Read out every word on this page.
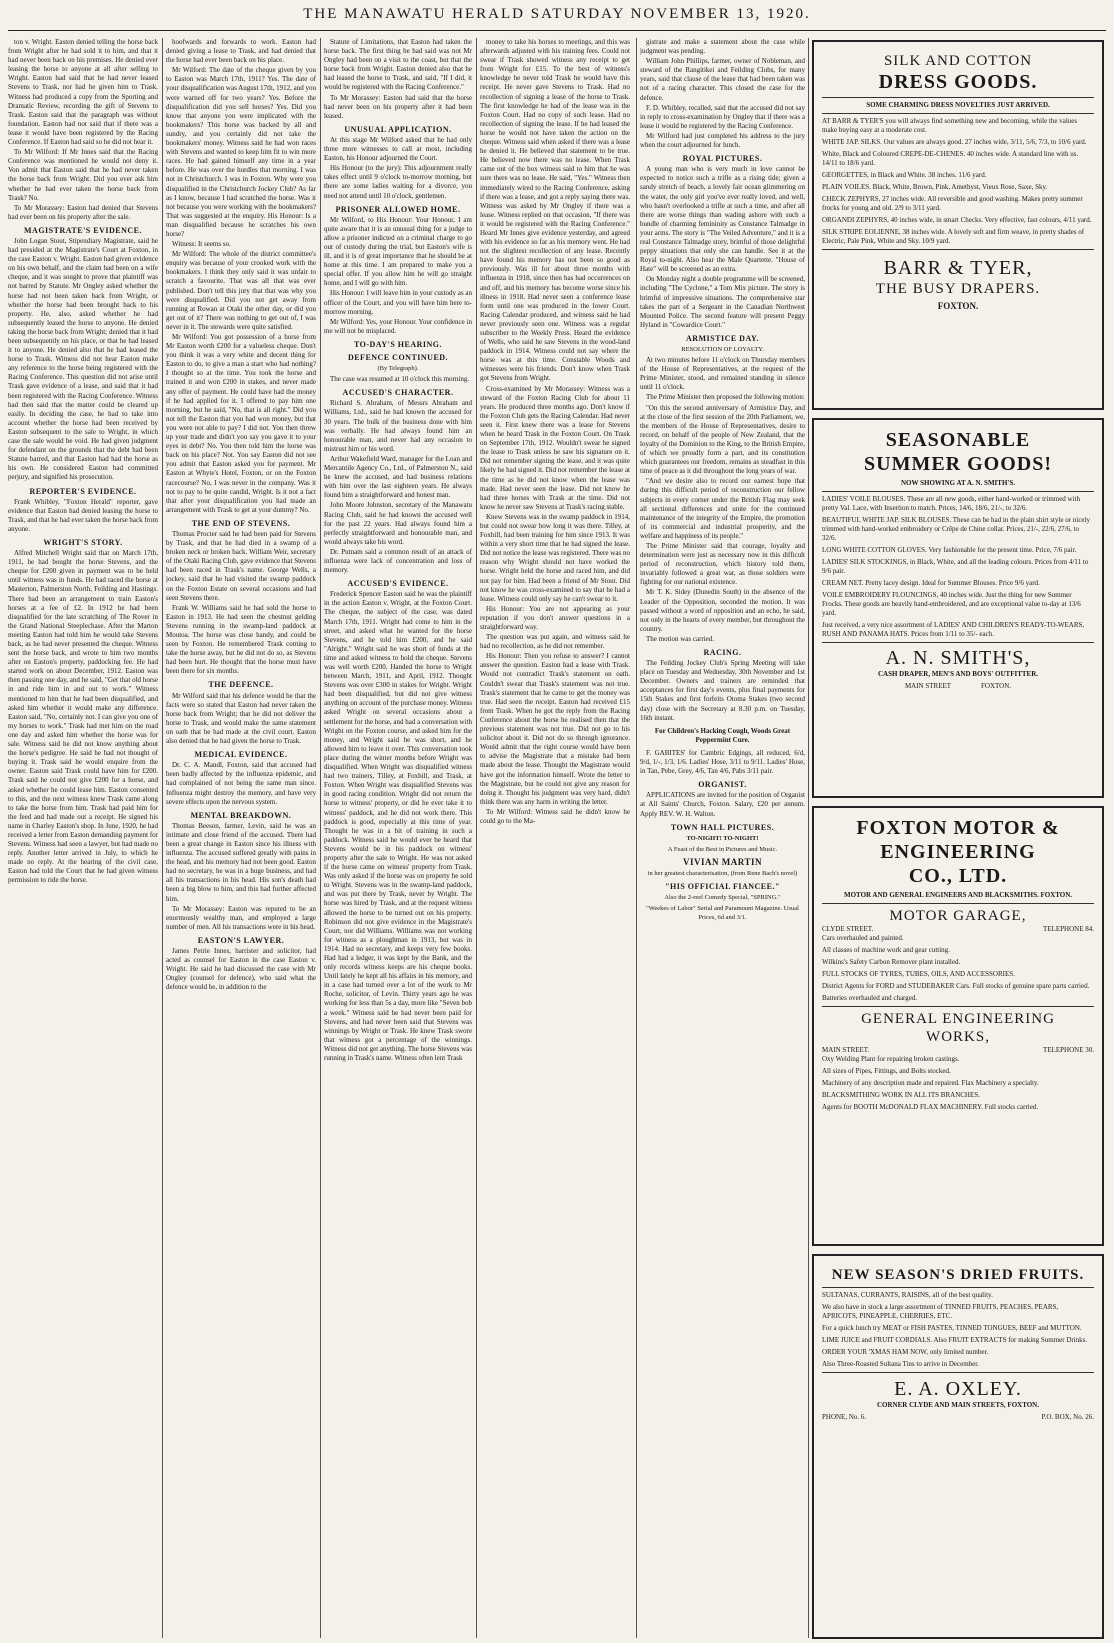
THE MANAWATU HERALD SATURDAY NOVEMBER 13, 1920.

ton v. Wright. Easton denied telling the horse back from Wright after he had sold it to him, and that it had never been back on his premises. He denied ever leasing the horse to anyone at all after selling to Wright. Easton had said that he had never leased Stevens to Trask, nor had he given him to Trask. Witness had produced a copy from the Sporting and Dramatic Review, recording the gift of Stevens to Trask. Easton said that the paragraph was without foundation. Easton had not said that if there was a lease it would have been registered by the Racing Conference. If Easton had said so he did not hear it.

To Mr Wilford: If Mr Innes said that the Racing Conference was mentioned he would not deny it. Von admit that Easton said that he had never taken the horse back from Wright. Did you ever ask him whether he had ever taken the horse back from Trask? No.

To Mr Morassey: Easton had denied that Stevens had ever been on his property after the sale.

MAGISTRATE'S EVIDENCE.

John Logan Stout, Stipendiary Magistrate, said he had presided at the Magistrate's Court at Foxton, in the case Easton v. Wright. Easton had given evidence on his own behalf, and the claim had been on a wife cheque, and it was sought to prove that plaintiff was not barred by Statute. Mr Ongley asked whether the horse had not been taken back from Wright, or whether the horse had been brought back to his property. He, also, asked whether he had subsequently leased the horse to anyone. He denied taking the horse back from Wright; denied that it had been subsequently on his place, or that he had leased it to anyone. He denied also that he had leased the horse to Trask. Witness did not hear Easton make any reference to the horse being registered with the Racing Conference. This question did not arise until Trask gave evidence of a lease, and said that it had been registered with the Racing Conference. Witness had then said that the matter could be cleared up easily. In deciding the case, he had to take into account whether the horse had been received by Easton subsequent to the sale to Wright, in which case the sale would be void. He had given judgment for defendant on the grounds that the debt had been Statute barred, and that Easton had had the horse as his own. He considered Easton had committed perjury, and signified his prosecution.

REPORTER'S EVIDENCE.

Frank Whibley, "Foxton Herald" reporter, gave evidence that Easton had denied leasing the horse to Trask, and that he had ever taken the horse back from anyone.

WRIGHT'S STORY.

Alfred Mitchell Wright said that on March 17th, 1911, he had bought the horse Stevens, and the cheque for £200 given in payment was to be held until witness was in funds. He had raced the horse at Masterton, Palmerston North, Feilding and Hastings. There had been an arrangement to train Easton's horses at a fee of £2. In 1912 he had been disqualified for the late scratching of The Rover in the Grand National Steeplechase. After the Marton meeting Easton had told him he would take Stevens back, as he had never presented the cheque. Witness sent the horse back, and wrote to him two months after on Easton's property, paddocking fee. He had started work on about December, 1912. Easton was then passing one day, and he said, "Get that old horse in and ride him in and out to work." Witness mentioned to him that he had been disqualified, and asked him whether it would make any difference. Easton said, "No, certainly not. I can give you one of my horses to work." Trask had met him on the road one day and asked him whether the horse was for sale. Witness said he did not know anything about the horse's pedigree. He said he had not thought of buying it. Trask said he would enquire from the owner. Easton said Trask could have him for £200. Trask said he could not give £200 for a horse, and asked whether he could lease him. Easton consented to this, and the next witness knew Trask came along to take the horse from him. Trask had paid him for the feed and had made out a receipt. He signed his name in Charley Easton's shop. In June, 1920, he had received a letter from Easton demanding payment for Stevens. Witness had seen a lawyer, but had made no reply. Another letter arrived in July, to which he made no reply. At the hearing of the civil case, Easton had told the Court that he had given witness permission to ride the horse.

hoofwards and forwards to work. Easton had denied giving a lease to Trask, and had denied that the horse had ever been back on his place.

Mr Wilford: The date of the cheque given by you to Easton was March 17th, 1911? Yes. The date of your disqualification was August 17th, 1912, and you were warned off for two years? Yes. Before the disqualification did you sell horses? Yes. Did you know that anyone you were implicated with the bookmakers? This horse was backed by all and sundry, and you certainly did not take the bookmakers' money. Witness said he had won races with Stevens and wanted to keep him fit to win more races. He had gained himself any time in a year before. He was over the hurdles that morning. I was not in Christchurch. I was in Foxton. Why were you disqualified in the Christchurch Jockey Club? As far as I know, because I had scratched the horse. Was it not because you were working with the bookmakers? That was suggested at the enquiry. His Honour: Is a man disqualified because he scratches his own horse?

Witness: It seems so.

Mr Wilford: The whole of the district committee's enquiry was because of your crooked work with the bookmakers. I think they only said it was unfair to scratch a favourite. That was all that was ever published. Don't tell this jury that that was why you were disqualified. Did you not get away from running at Rowan at Otaki the other day, or did you get out of it? There was nothing to get out of, I was never in it. The stewards were quite satisfied.

Mr Wilford: You got possession of a horse from Mr Easton worth £200 for a valueless cheque. Don't you think it was a very white and decent thing for Easton to do, to give a man a start who had nothing? I thought so at the time. You took the horse and trained it and won £200 in stakes, and never made any offer of payment. He could have had the money if he had applied for it. I offered to pay him one morning, but he said, "No, that is all right." Did you not tell the Easton that you had won money, but that you were not able to pay? I did not. You then threw up your trade and didn't you say you gave it to your eyes in debt? No. You then told him the horse was back on his place? Not. You say Easton did not see you admit that Easton asked you for payment. Mr Easton at Whyte's Hotel, Foxton, or on the Foxton racecourse? No, I was never in the company. Was it not to pay to be quite candid, Wright. Is it not a fact that after your disqualification you had made an arrangement with Trask to get at your dummy? No.

THE END OF STEVENS.

Thomas Procter said he had been paid for Stevens by Trask, and that he had died in a swamp of a broken neck or broken back. William Weir, secretary of the Otaki Racing Club, gave evidence that Stevens had been raced in Trask's name. George Wells, a jockey, said that he had visited the swamp paddock on the Foxton Estate on several occasions and had seen Stevens there.

Frank W. Williams said he had sold the horse to Easton in 1913. He had seen the chestnut gelding Stevens running in the swamp-land paddock at Moutoa. The horse was close handy, and could be seen by Foxton. He remembered Trask coming to take the horse away, but he did not do so, as Stevens had been hurt. He thought that the horse must have been there for six months.

THE DEFENCE.

Mr Wilford said that his defence would be that the facts were so stated that Easton had never taken the horse back from Wright; that he did not deliver the horse to Trask, and would make the same statement on oath that he had made at the civil court. Easton also denied that he had given the horse to Trask.

MEDICAL EVIDENCE.

Dr. C. A. Mandl, Foxton, said that accused had been badly affected by the influenza epidemic, and had complained of not being the same man since. Influenza might destroy the memory, and have very severe effects upon the nervous system.

MENTAL BREAKDOWN.

Thomas Beeson, farmer, Levin, said he was an intimate and close friend of the accused. There had been a great change in Easton since his illness with influenza. The accused suffered greatly with pains in the head, and his memory had not been good. Easton had no secretary, he was in a huge business, and had all his transactions in his head. His son's death had been a big blow to him, and this had further affected him.

To Mr Morassey: Easton was reputed to be an enormously wealthy man, and employed a large number of men. All his transactions were in his head.

EASTON'S LAWYER.

James Petrie Innes, barrister and solicitor, had acted as counsel for Easton in the case Easton v. Wright. He said he had discussed the case with Mr Ongley (counsel for defence), who said what the defence would be, in addition to the

Statute of Limitations, that Easton had taken the horse back. The first thing he had said was not Mr Ongley had been on a visit to the coast, but that the horse back from Wright. Easton denied also that he had leased the horse to Trask, and said, "If I did, it would be registered with the Racing Conference."

To Mr Morassey: Easton had said that the horse had never been on his property after it had been leased.

UNUSUAL APPLICATION.

At this stage Mr Wilford asked that he had only three more witnesses to call at most, including Easton, his Honour adjourned the Court.

His Honour (to the jury): This adjournment really takes effect until 9 o'clock to-morrow morning, but there are some ladies waiting for a divorce, you need not attend until 10 o'clock, gentlemen.

PRISONER ALLOWED HOME.

Mr Wilford, to His Honour: Your Honour, I am quite aware that it is an unusual thing for a judge to allow a prisoner indicted on a criminal charge to go out of custody during the trial, but Easton's wife is ill, and it is of great importance that he should be at home at this time. I am prepared to make you a special offer. If you allow him he will go straight home, and I will go with him.

His Honour: I will leave him in your custody as an officer of the Court, and you will have him here to-morrow morning.

Mr Wilford: Yes, your Honour. Your confidence in me will not be misplaced.

TO-DAY'S HEARING.

DEFENCE CONTINUED.

(By Telegraph).

The case was resumed at 10 o'clock this morning.

ACCUSED'S CHARACTER.

Richard S. Abraham, of Messrs Abraham and Williams, Ltd., said he had known the accused for 30 years. The bulk of the business done with him was verbally. He had always found him an honourable man, and never had any occasion to mistrust him or his word.

Arthur Wakefield Ward, manager for the Loan and Mercantile Agency Co., Ltd., of Palmerston N., said he knew the accused, and had business relations with him over the last eighteen years. He always found him a straightforward and honest man.

John Moore Johnston, secretary of the Manawatu Racing Club, said he had known the accused well for the past 22 years. Had always found him a perfectly straightforward and honourable man, and would always take his word.

Dr. Putnam said a common result of an attack of influenza were lack of concentration and loss of memory.

ACCUSED'S EVIDENCE.

Frederick Spencer Easton said he was the plaintiff in the action Easton v. Wright, at the Foxton Court. The cheque, the subject of the case, was dated March 17th, 1911. Wright had come to him in the street, and asked what he wanted for the horse Stevens, and he told him £200, and he said "Alright." Wright said he was short of funds at the time and asked witness to hold the cheque. Stevens was well worth £200. Handed the horse to Wright between March, 1911, and April, 1912. Thought Stevens was over £300 in stakes for Wright. Wright had been disqualified, but did not give witness anything on account of the purchase money. Witness asked Wright on several occasions about a settlement for the horse, and had a conversation with Wright on the Foxton course, and asked him for the money, and Wright said he was short, and he allowed him to leave it over. This conversation took place during the winter months before Wright was disqualified. When Wright was disqualified witness had two trainers, Tilley, at Foxhill, and Trask, at Foxton. When Wright was disqualified Stevens was in good racing condition. Wright did not return the horse to witness' property, or did he ever take it to witness' paddock, and he did not work there. This paddock is good, especially at this time of year. Thought he was in a bit of training in such a paddock. Witness said he would ever be heard that Stevens would be in his paddock on witness' property after the sale to Wright. He was not asked if the horse came on witness' property from Trask. Was only asked if the horse was on property he sold to Wright. Stevens was in the swamp-land paddock, and was put there by Trask, never by Wright. The horse was hired by Trask, and at the request witness allowed the horse to be turned out on his property. Robinson did not give evidence in the Magistrate's Court, nor did Williams. Williams was not working for witness as a ploughman in 1913, but was in 1914. Had no secretary, and keeps very few books. Had had a ledger, it was kept by the Bank, and the only records witness keeps are his cheque books. Until lately he kept all his affairs in his memory, and in a case had turned over a lot of the work to Mr Roche, solicitor, of Levin. Thirty years ago he was working for less than 5s a day, more like "Seven bob a week." Witness said he had never been paid for Stevens, and had never been said that Stevens was winnings by Wright or Trask. He knew Trask swore that witness got a percentage of the winnings. Witness did not get anything. The horse Stevens was running in Trask's name. Witness often lent Trask

money to take his horses to meetings, and this was afterwards adjusted with his training fees. Could not swear if Trask showed witness any receipt to get from Wright for £15. To the best of witness's knowledge he never told Trask he would have this receipt. He never gave Stevens to Trask. Had no recollection of signing a lease of the horse to Trask. The first knowledge he had of the lease was in the Foxton Court. Had no copy of such lease. Had no recollection of signing the lease. If he had leased the horse he would not have taken the action on the cheque. Witness said when asked if there was a lease he denied it. He believed that statement to be true. He believed now there was no lease. When Trask came out of the box witness said to him that he was sure there was no lease. He said, "Yes." Witness then immediately wired to the Racing Conference, asking if there was a lease, and got a reply saying there was. Witness was asked by Mr Ongley if there was a lease. Witness replied on that occasion, "If there was it would be registered with the Racing Conference." Heard Mr Innes give evidence yesterday, and agreed with his evidence so far as his memory went. He had not the slightest recollection of any lease. Recently have found his memory has not been so good as previously. Was ill for about three months with influenza in 1918, since then has had occurrences on and off, and his memory has become worse since his illness in 1918. Had never seen a conference lease form until one was produced in the lower Court. Racing Calendar produced, and witness said he had never previously seen one. Witness was a regular subscriber to the Weekly Press. Heard the evidence of Wells, who said he saw Stevens in the wood-land paddock in 1914. Witness could not say where the horse was at this time. Constable Woods and witnesses were his friends. Don't know when Trask got Stevens from Wright.

Cross-examined by Mr Morassey: Witness was a steward of the Foxton Racing Club for about 11 years. He produced three months ago. Don't know if the Foxton Club gets the Racing Calendar. Had never seen it. First knew there was a lease for Stevens when he heard Trask in the Foxton Court. On Trask on September 17th, 1912. Wouldn't swear he signed the lease to Trask unless he saw his signature on it. Did not remember signing the lease, and it was quite likely he had signed it. Did not remember the lease at the time as he did not know when the lease was made. Had never seen the lease. Did not know he had three horses with Trask at the time. Did not know he never saw Stevens at Trask's racing stable.

Knew Stevens was in the swamp paddock in 1914, but could not swear how long it was there. Tilley, at Foxhill, had been training for him since 1913. It was within a very short time that he had signed the lease. Did not notice the lease was registered. There was no reason why Wright should not have worked the horse. Wright held the horse and raced him, and did not pay for him. Had been a friend of Mr Stout. Did not know he was cross-examined to say that he had a lease. Witness could only say he can't swear to it.

His Honour: You are not appearing as your reputation if you don't answer questions in a straightforward way.

The question was put again, and witness said he had no recollection, as he did not remember.

His Honour: Then you refuse to answer? I cannot answer the question. Easton had a lease with Trask. Would not contradict Trask's statement on oath. Couldn't swear that Trask's statement was not true. Trask's statement that he came to get the money was true. Had seen the receipt. Easton had received £15 from Trask. When he got the reply from the Racing Conference about the horse he realised then that the previous statement was not true. Did not go to his solicitor about it. Did not do so through ignorance. Would admit that the right course would have been to advise the Magistrate that a mistake had been made about the lease. Thought the Magistrate would have got the information himself. Wrote the letter to the Magistrate, but he could not give any reason for doing it. Thought his judgment was very hard, didn't think there was any harm in writing the letter.

To Mr Wilford: Witness said he didn't know he could go to the Ma-

gistrate and make a statement about the case while judgment was pending.

William John Phillips, farmer, owner of Nobleman, and steward of the Rangitikei and Feilding Clubs, for many years, said that clause of the lease that had been taken was not of a racing character. This closed the case for the defence.

F. D. Whibley, recalled, said that the accused did not say in reply to cross-examination by Ongley that if there was a lease it would be registered by the Racing Conference.

Mr Wilford had just completed his address to the jury when the court adjourned for lunch.

ROYAL PICTURES.

A young man who is very much in love cannot be expected to notice such a trifle as a rising tide; given a sandy stretch of beach, a lovely fair ocean glimmering on the water, the only girl you've ever really loved, and well, who hasn't overlooked a trifle at such a time, and after all there are worse things than wading ashore with such a bundle of charming femininity as Constance Talmadge in your arms. The story is "The Veiled Adventure," and it is a real Constance Talmadge story, brimful of those delightful peppy situations that only she can handle. See it at the Royal to-night. Also hear the Male Quartette. "House of Hate" will be screened as an extra.

On Monday night a double programme will be screened, including "The Cyclone," a Tom Mix picture. The story is brimful of impressive situations. The comprehensive star takes the part of a Sergeant in the Canadian Northwest Mounted Police. The second feature will present Peggy Hyland in "Cowardice Court."

ARMISTICE DAY.

RESOLUTION OF LOYALTY.

At two minutes before 11 o'clock on Thursday members of the House of Representatives, at the request of the Prime Minister, stood, and remained standing in silence until 11 o'clock.

The Prime Minister then proposed the following motion:

"On this the second anniversary of Armistice Day, and at the close of the first session of the 20th Parliament, we, the members of the House of Representatives, desire to record, on behalf of the people of New Zealand, that the loyalty of the Dominion to the King, to the British Empire, of which we proudly form a part, and its constitution which guarantees our freedom, remains as steadfast in this time of peace as it did throughout the long years of war.

"And we desire also to record our earnest hope that during this difficult period of reconstruction our fellow subjects in every corner under the British Flag may seek all sectional differences and unite for the continued maintenance of the integrity of the Empire, the promotion of its commercial and industrial prosperity, and the welfare and happiness of its people."

The Prime Minister said that courage, loyalty and determination were just as necessary now in this difficult period of reconstruction, which history told them, invariably followed a great war, as those soldiers were fighting for our national existence.

Mr T. K. Sidey (Dunedin South) in the absence of the Leader of the Opposition, seconded the motion. It was passed without a word of opposition and an echo, he said, not only in the hearts of every member, but throughout the country.

The motion was carried.

RACING.

The Feilding Jockey Club's Spring Meeting will take place on Tuesday and Wednesday, 30th November and 1st December. Owners and trainers are reminded that acceptances for first day's events, plus final payments for 15th Stakes and first forfeits Otoma Stakes (two second day) close with the Secretary at 8.30 p.m. on Tuesday, 16th instant.

For Children's Hacking Cough, Woods Great Peppermint Cure.

F. GABITES' for Cambric Edgings, all reduced, 6/d, 9/d, 1/-, 1/3, 1/6. Ladies' Hose, 3/11 to 9/11. Ladies' Hose, in Tan, Pebe, Grey, 4/6, Tan 4/6, Pabs 3/11 pair.

ORGANIST.

APPLICATIONS are invited for the position of Organist at All Saints' Church, Foxton. Salary, £20 per annum. Apply REV. W. H. Walton.

TOWN HALL PICTURES.

TO-NIGHT! TO-NIGHT!

A Feast of the Best in Pictures and Music.

VIVIAN MARTIN

in her greatest characterisation, (from Rene Bach's novel)

"HIS OFFICIAL FIANCEE."

Also the 2-reel Comedy Special, "SPRING."

"Weekes of Labor" Serial and Paramount Magazine. Usual Prices, 6d and 3/1.

SILK AND COTTON
DRESS GOODS.
SOME CHARMING DRESS NOVELTIES JUST ARRIVED.
AT BARR & TYER'S you will always find something new and becoming, while the values make buying easy at a moderate cost.
WHITE JAP. SILKS. Our values are always good. 27 inches wide, 3/11, 5/6, 7/3, to 10/6 yard.
White, Black and Coloured CREPE-DE-CHENES. 40 inches wide. A standard line with us. 14/11 to 18/6 yard.
GEORGETTES, in Black and White. 38 inches. 11/6 yard.
PLAIN VOILES. Black, White, Brown, Pink, Amethyst, Vieux Rose, Saxe, Sky.
CHECK ZEPHYRS, 27 inches wide. All reversible and good washing. Makes pretty summer frocks for young and old. 2/9 to 3/11 yard.
ORGANDI ZEPHYRS, 40 inches wide, in smart Checks. Very effective, fast colours, 4/11 yard.
SILK STRIPE EOLIENNE, 38 inches wide. A lovely soft and firm weave, in pretty shades of Electric, Pale Pink, White and Sky. 10/9 yard.
BARR & TYER,
THE BUSY DRAPERS.
FOXTON.
SEASONABLE
SUMMER GOODS!
NOW SHOWING AT A. N. SMITH'S.
LADIES' VOILE BLOUSES. These are all new goods, either hand-worked or trimmed with pretty Val. Lace, with Insertion to match. Prices, 14/6, 18/6, 21/-, to 32/6.
BEAUTIFUL WHITE JAP. SILK BLOUSES. These can be had in the plain shirt style or nicely trimmed with hand-worked embroidery or Crêpe de Chine collar. Prices, 21/-, 22/6, 27/6, to 32/6.
LONG WHITE COTTON GLOVES. Very fashionable for the present time. Price, 7/6 pair.
LADIES' SILK STOCKINGS, in Black, White, and all the leading colours. Prices from 4/11 to 9/6 pair.
CREAM NET. Pretty lacey design. Ideal for Summer Blouses. Price 9/6 yard.
VOILE EMBROIDERY FLOUNCINGS, 40 inches wide. Just the thing for new Summer Frocks. These goods are heavily hand-embroidered, and are exceptional value to-day at 13/6 yard.
Just received, a very nice assortment of LADIES' AND CHILDREN'S READY-TO-WEARS, RUSH AND PANAMA HATS. Prices from 1/11 to 35/- each.
A. N. SMITH'S,
CASH DRAPER, MEN'S AND BOYS' OUTFITTER.
MAIN STREET	FOXTON.
FOXTON MOTOR &
ENGINEERING
CO., LTD.
MOTOR AND GENERAL ENGINEERS AND BLACKSMITHS. FOXTON.
MOTOR GARAGE,
CLYDE STREET.	TELEPHONE 84.
Cars overhauled and painted.
All classes of machine work and gear cutting.
Wilkins's Safety Carbon Remover plant installed.
FULL STOCKS OF TYRES, TUBES, OILS, AND ACCESSORIES.
District Agents for FORD and STUDEBAKER Cars. Full stocks of genuine spare parts carried.
Batteries overhauled and charged.
GENERAL ENGINEERING
WORKS,
MAIN STREET.	TELEPHONE 30.
Oxy Welding Plant for repairing broken castings.
All sizes of Pipes, Fittings, and Bolts stocked.
Machinery of any description made and repaired. Flax Machinery a specialty.
BLACKSMITHING WORK IN ALL ITS BRANCHES.
Agents for BOOTH McDONALD FLAX MACHINERY. Full stocks carried.
NEW SEASON'S DRIED FRUITS.
SULTANAS, CURRANTS, RAISINS, all of the best quality.
We also have in stock a large assortment of TINNED FRUITS, PEACHES, PEARS, APRICOTS, PINEAPPLE, CHERRIES, ETC.
For a quick lunch try MEAT or FISH PASTES, TINNED TONGUES, BEEF and MUTTON.
LIME JUICE and FRUIT CORDIALS. Also FRUIT EXTRACTS for making Summer Drinks.
ORDER YOUR 'XMAS HAM NOW, only limited number.
Also Three-Roasted Sultana Tins to arrive in December.
E. A. OXLEY.
CORNER CLYDE AND MAIN STREETS, FOXTON.
PHONE, No. 6.	P.O. BOX, No. 26.
